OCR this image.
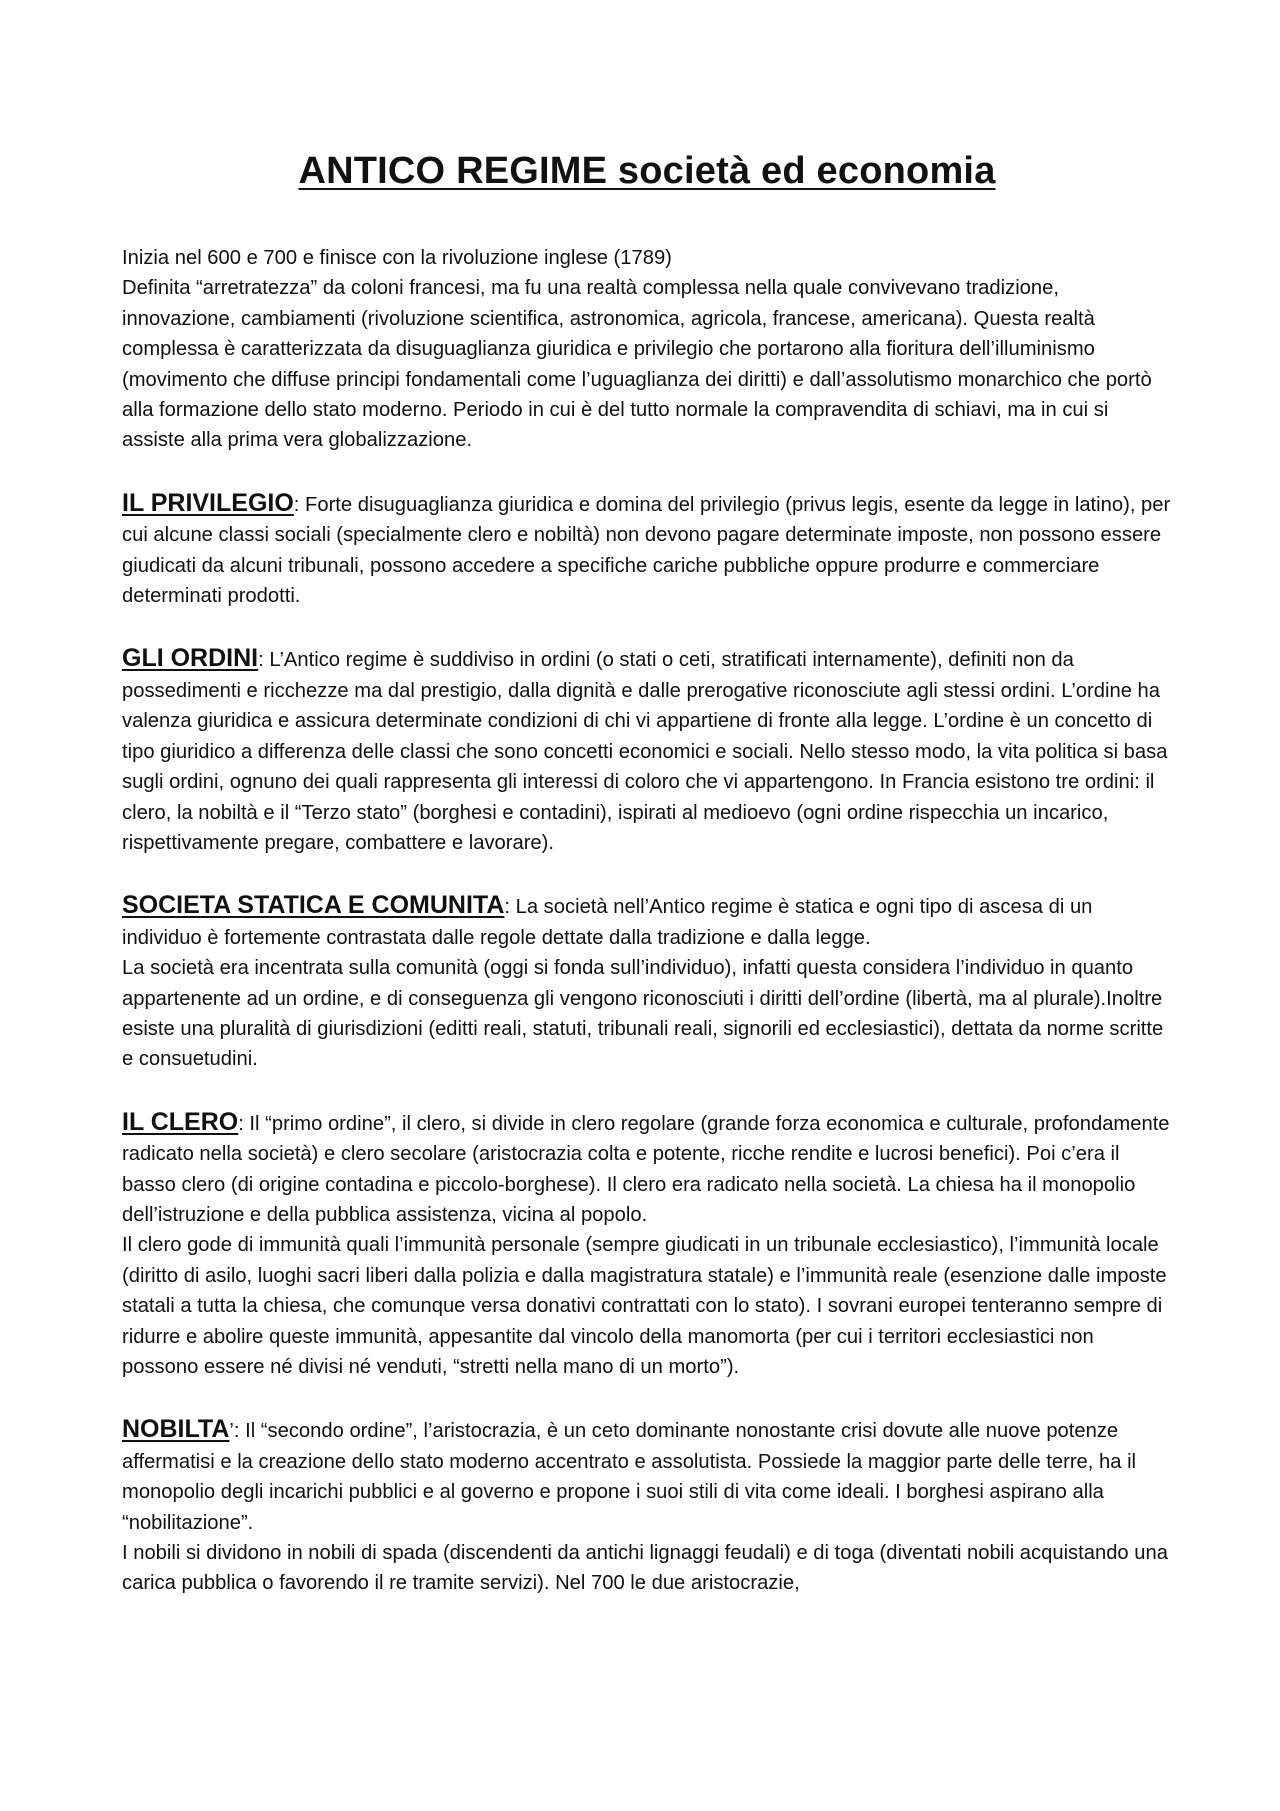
ANTICO REGIME società ed economia

Inizia nel 600 e 700 e finisce con la rivoluzione inglese (1789)

Definita “arretratezza” da coloni francesi, ma fu una realtà complessa nella quale convivevano tradizione, innovazione, cambiamenti (rivoluzione scientifica, astronomica, agricola, francese, americana). Questa realtà complessa è caratterizzata da disuguaglianza giuridica e privilegio che portarono alla fioritura dell’illuminismo (movimento che diffuse principi fondamentali come l’uguaglianza dei diritti) e dall’assolutismo monarchico che portò alla formazione dello stato moderno. Periodo in cui è del tutto normale la compravendita di schiavi, ma in cui si assiste alla prima vera globalizzazione.

IL PRIVILEGIO: Forte disuguaglianza giuridica e domina del privilegio (privus legis, esente da legge in latino), per cui alcune classi sociali (specialmente clero e nobiltà) non devono pagare determinate imposte, non possono essere giudicati da alcuni tribunali, possono accedere a specifiche cariche pubbliche oppure produrre e commerciare determinati prodotti.

GLI ORDINI: L’Antico regime è suddiviso in ordini (o stati o ceti, stratificati internamente), definiti non da possedimenti e ricchezze ma dal prestigio, dalla dignità e dalle prerogative riconosciute agli stessi ordini. L’ordine ha valenza giuridica e assicura determinate condizioni di chi vi appartiene di fronte alla legge. L’ordine è un concetto di tipo giuridico a differenza delle classi che sono concetti economici e sociali. Nello stesso modo, la vita politica si basa sugli ordini, ognuno dei quali rappresenta gli interessi di coloro che vi appartengono. In Francia esistono tre ordini: il clero, la nobiltà e il “Terzo stato” (borghesi e contadini), ispirati al medioevo (ogni ordine rispecchia un incarico, rispettivamente pregare, combattere e lavorare).

SOCIETA STATICA E COMUNITA: La società nell’Antico regime è statica e ogni tipo di ascesa di un individuo è fortemente contrastata dalle regole dettate dalla tradizione e dalla legge.

La società era incentrata sulla comunità (oggi si fonda sull’individuo), infatti questa considera l’individuo in quanto appartenente ad un ordine, e di conseguenza gli vengono riconosciuti i diritti dell’ordine (libertà, ma al plurale).Inoltre esiste una pluralità di giurisdizioni (editti reali, statuti, tribunali reali, signorili ed ecclesiastici), dettata da norme scritte e consuetudini.

IL CLERO: Il “primo ordine”, il clero, si divide in clero regolare (grande forza economica e culturale, profondamente radicato nella società) e clero secolare (aristocrazia colta e potente, ricche rendite e lucrosi benefici). Poi c’era il basso clero (di origine contadina e piccolo-borghese). Il clero era radicato nella società. La chiesa ha il monopolio dell’istruzione e della pubblica assistenza, vicina al popolo.

Il clero gode di immunità quali l’immunità personale (sempre giudicati in un tribunale ecclesiastico), l’immunità locale (diritto di asilo, luoghi sacri liberi dalla polizia e dalla magistratura statale) e l’immunità reale (esenzione dalle imposte statali a tutta la chiesa, che comunque versa donativi contrattati con lo stato). I sovrani europei tenteranno sempre di ridurre e abolire queste immunità, appesantite dal vincolo della manomorta (per cui i territori ecclesiastici non possono essere né divisi né venduti, “stretti nella mano di un morto”).

NOBILTA’: Il “secondo ordine”, l’aristocrazia, è un ceto dominante nonostante crisi dovute alle nuove potenze affermatisi e la creazione dello stato moderno accentrato e assolutista. Possiede la maggior parte delle terre, ha il monopolio degli incarichi pubblici e al governo e propone i suoi stili di vita come ideali. I borghesi aspirano alla “nobilitazione”.

I nobili si dividono in nobili di spada (discendenti da antichi lignaggi feudali) e di toga (diventati nobili acquistando una carica pubblica o favorendo il re tramite servizi). Nel 700 le due aristocrazie,
